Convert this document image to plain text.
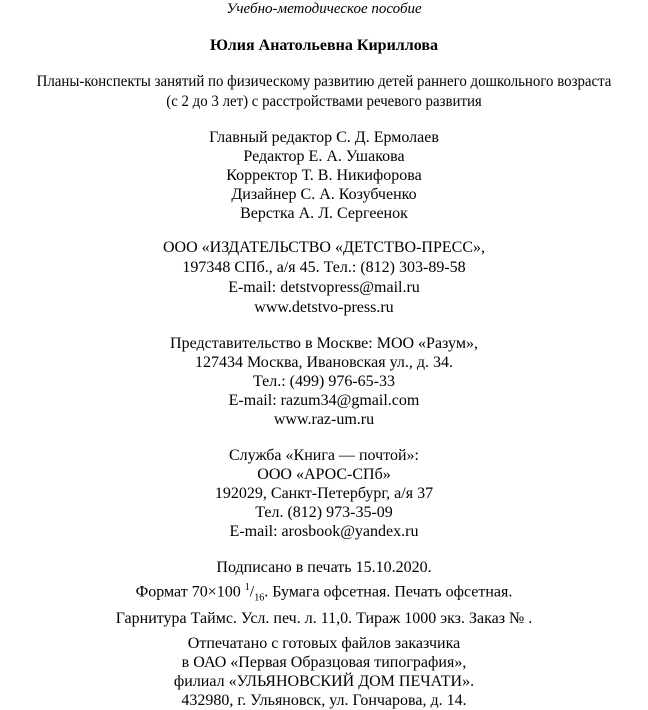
Учебно-методическое пособие
Юлия Анатольевна Кириллова
Планы-конспекты занятий по физическому развитию детей раннего дошкольного возраста
(с 2 до 3 лет) с расстройствами речевого развития
Главный редактор С. Д. Ермолаев
Редактор Е. А. Ушакова
Корректор Т. В. Никифорова
Дизайнер С. А. Козубченко
Верстка А. Л. Сергеенок
ООО «ИЗДАТЕЛЬСТВО «ДЕТСТВО-ПРЕСС»,
197348 СПб., а/я 45. Тел.: (812) 303-89-58
E-mail: detstvopress@mail.ru
www.detstvo-press.ru
Представительство в Москве: МОО «Разум»,
127434 Москва, Ивановская ул., д. 34.
Тел.: (499) 976-65-33
E-mail: razum34@gmail.com
www.raz-um.ru
Служба «Книга — почтой»:
ООО «АРОС-СПб»
192029, Санкт-Петербург, а/я 37
Тел. (812) 973-35-09
E-mail: arosbook@yandex.ru
Подписано в печать 15.10.2020.
Формат 70×100 $^1/_{16}$. Бумага офсетная. Печать офсетная.
Гарнитура Таймс. Усл. печ. л. 11,0. Тираж 1000 экз. Заказ № .
Отпечатано с готовых файлов заказчика
в ОАО «Первая Образцовая типография»,
филиал «УЛЬЯНОВСКИЙ ДОМ ПЕЧАТИ».
432980, г. Ульяновск, ул. Гончарова, д. 14.
